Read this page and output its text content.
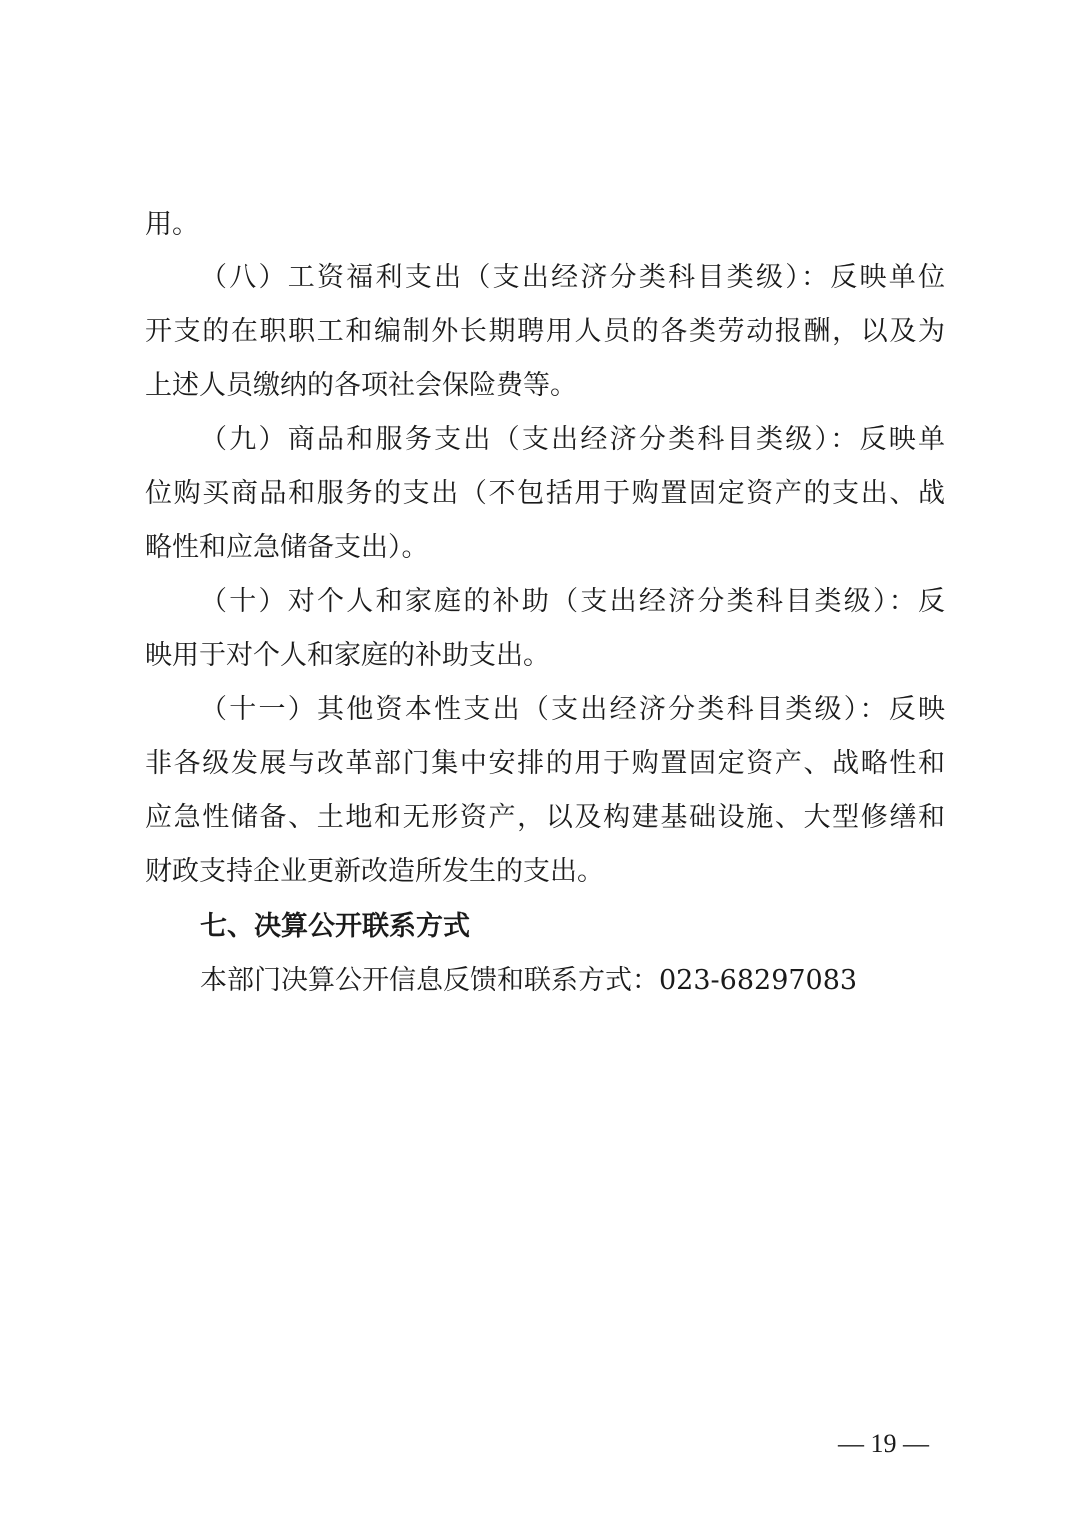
用。
（八）工资福利支出（支出经济分类科目类级）：反映单位
开支的在职职工和编制外长期聘用人员的各类劳动报酬，以及为
上述人员缴纳的各项社会保险费等。
（九）商品和服务支出（支出经济分类科目类级）：反映单
位购买商品和服务的支出（不包括用于购置固定资产的支出、战
略性和应急储备支出）。
（十）对个人和家庭的补助（支出经济分类科目类级）：反
映用于对个人和家庭的补助支出。
（十一）其他资本性支出（支出经济分类科目类级）：反映
非各级发展与改革部门集中安排的用于购置固定资产、战略性和
应急性储备、土地和无形资产，以及构建基础设施、大型修缮和
财政支持企业更新改造所发生的支出。
七、决算公开联系方式
本部门决算公开信息反馈和联系方式：023-68297083
— 19 —
